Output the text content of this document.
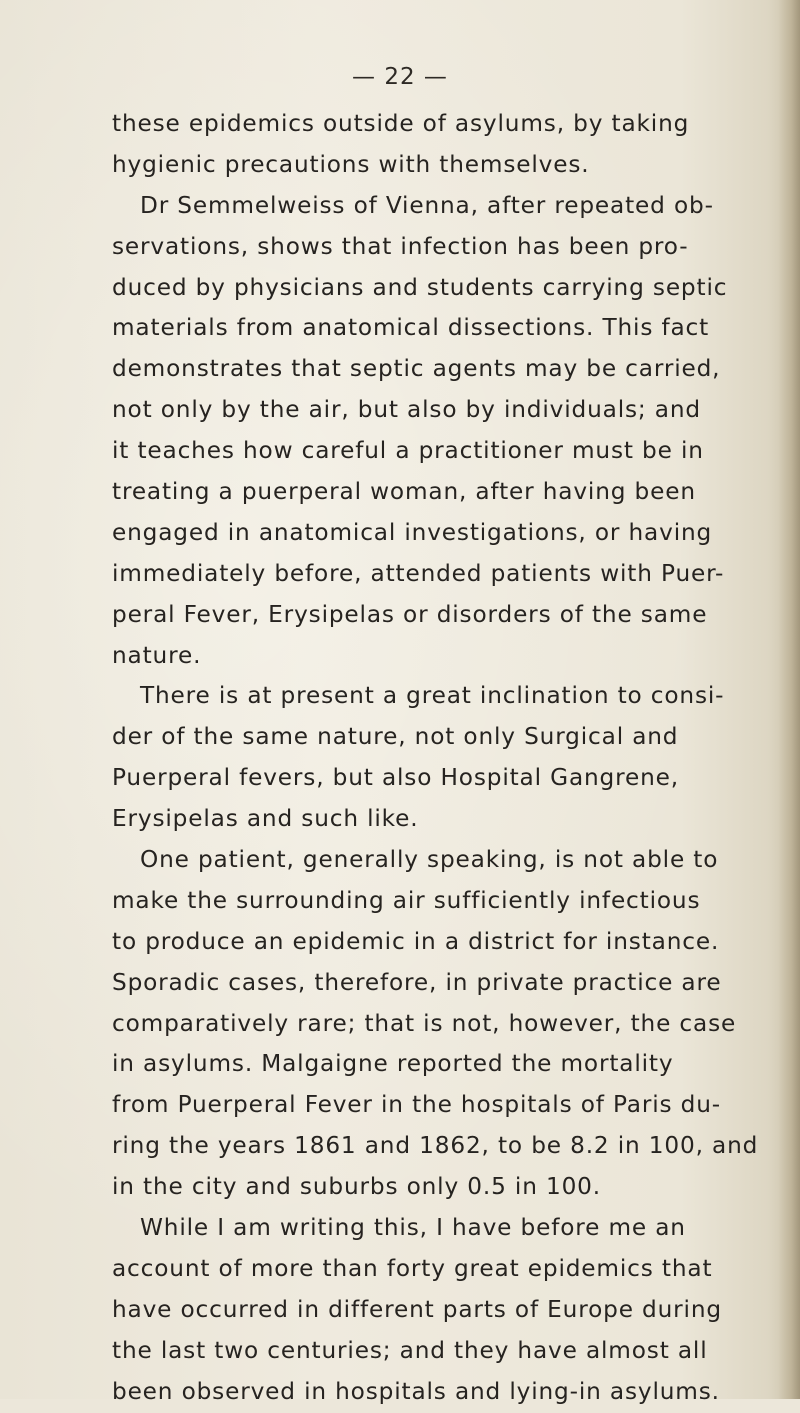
— 22 —
these epidemics outside of asylums, by taking
hygienic precautions with themselves.
Dr Semmelweiss of Vienna, after repeated ob-
servations, shows that infection has been pro-
duced by physicians and students carrying septic
materials from anatomical dissections. This fact
demonstrates that septic agents may be carried,
not only by the air, but also by individuals; and
it teaches how careful a practitioner must be in
treating a puerperal woman, after having been
engaged in anatomical investigations, or having
immediately before, attended patients with Puer-
peral Fever, Erysipelas or disorders of the same
nature.
There is at present a great inclination to consi-
der of the same nature, not only Surgical and
Puerperal fevers, but also Hospital Gangrene,
Erysipelas and such like.
One patient, generally speaking, is not able to
make the surrounding air sufficiently infectious
to produce an epidemic in a district for instance.
Sporadic cases, therefore, in private practice are
comparatively rare; that is not, however, the case
in asylums. Malgaigne reported the mortality
from Puerperal Fever in the hospitals of Paris du-
ring the years 1861 and 1862, to be 8.2 in 100, and
in the city and suburbs only 0.5 in 100.
While I am writing this, I have before me an
account of more than forty great epidemics that
have occurred in different parts of Europe during
the last two centuries; and they have almost all
been observed in hospitals and lying-in asylums.
